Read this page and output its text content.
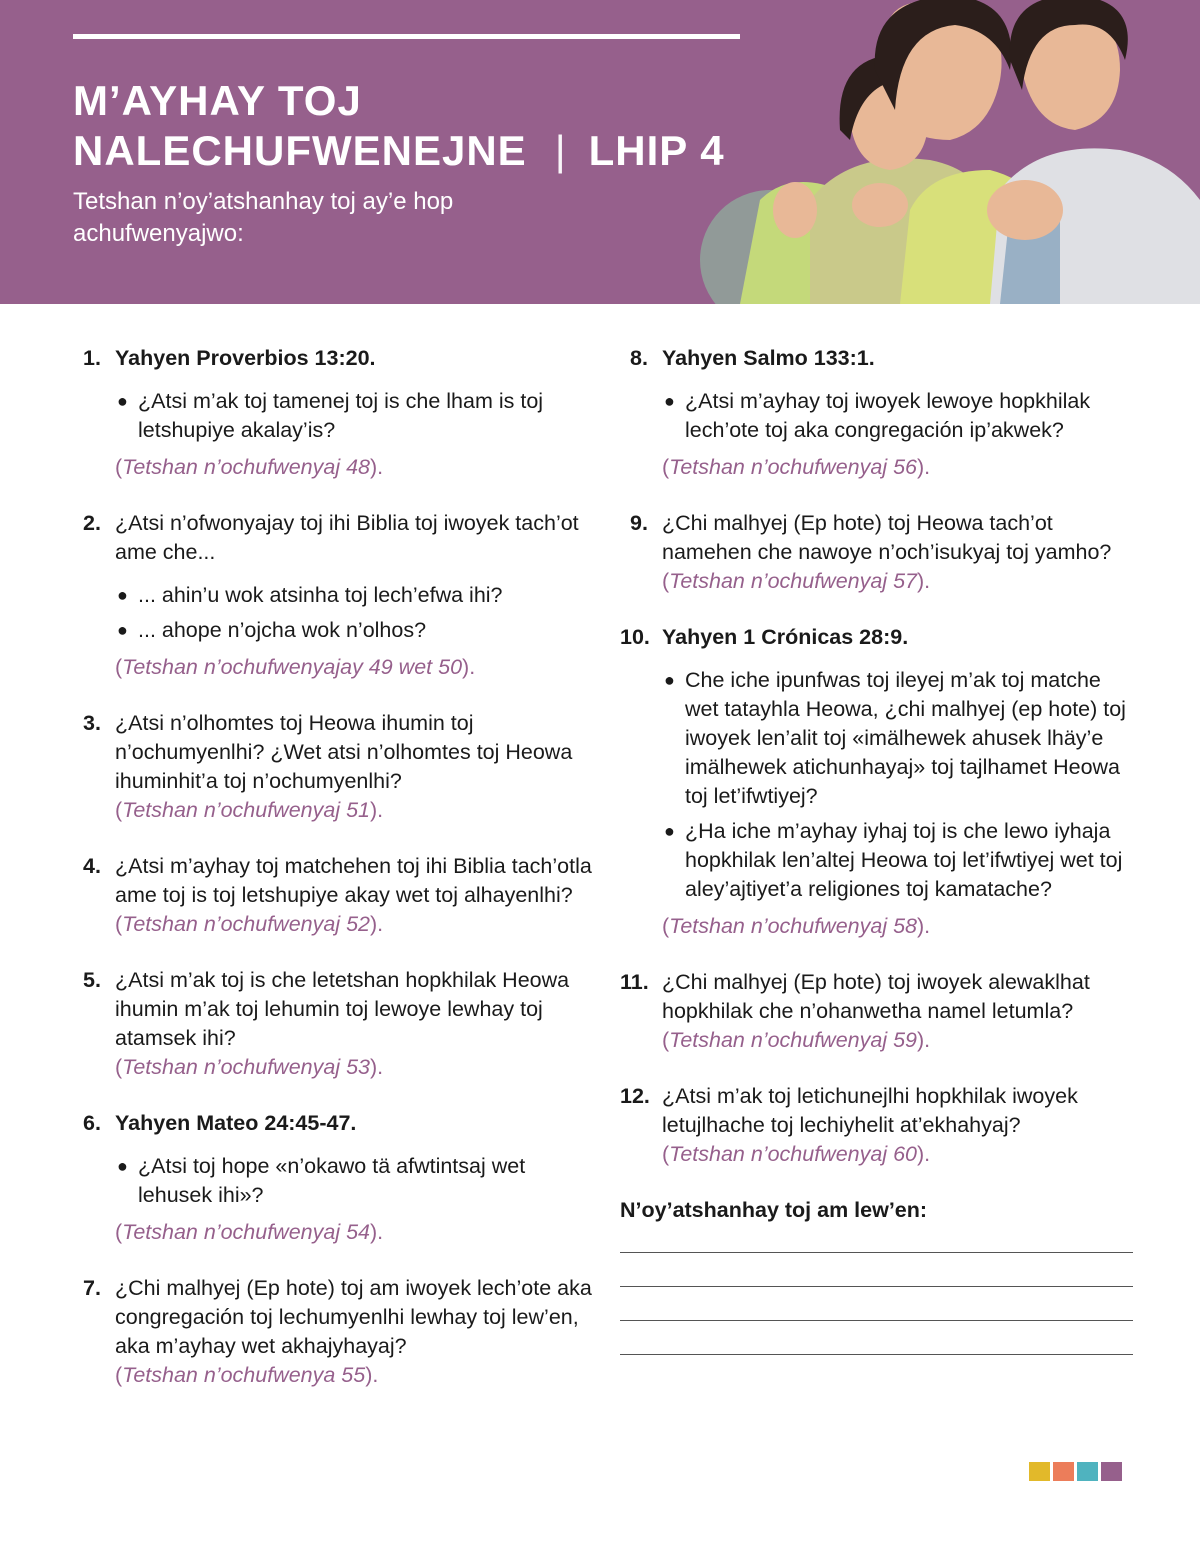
M’AYHAY TOJ
NALECHUFWENEJNE | LHIP 4
Tetshan n’oy’atshanhay toj ay’e hop achufwenyajwo:
1. Yahyen Proverbios 13:20.
● ¿Atsi m’ak toj tamenej toj is che lham is toj letshupiye akalay’is?
(Tetshan n’ochufwenyaj 48).
2. ¿Atsi n’ofwonyajay toj ihi Biblia toj iwoyek tach’ot ame che...
● ... ahin’u wok atsinha toj lech’efwa ihi?
● ... ahope n’ojcha wok n’olhos?
(Tetshan n’ochufwenyajay 49 wet 50).
3. ¿Atsi n’olhomtes toj Heowa ihumin toj n’ochumyenlhi? ¿Wet atsi n’olhomtes toj Heowa ihuminhit’a toj n’ochumyenlhi?
(Tetshan n’ochufwenyaj 51).
4. ¿Atsi m’ayhay toj matchehen toj ihi Biblia tach’otla ame toj is toj letshupiye akay wet toj alhayenlhi?
(Tetshan n’ochufwenyaj 52).
5. ¿Atsi m’ak toj is che letetshan hopkhilak Heowa ihumin m’ak toj lehumin toj lewoye lewhay toj atamsek ihi?
(Tetshan n’ochufwenyaj 53).
6. Yahyen Mateo 24:45-47.
● ¿Atsi toj hope «n’okawo tä afwtintsaj wet lehusek ihi»?
(Tetshan n’ochufwenyaj 54).
7. ¿Chi malhyej (Ep hote) toj am iwoyek lech’ote aka congregación toj lechumyenlhi lewhay toj lew’en, aka m’ayhay wet akhajyhayaj?
(Tetshan n’ochufwenya 55).
8. Yahyen Salmo 133:1.
● ¿Atsi m’ayhay toj iwoyek lewoye hopkhilak lech’ote toj aka congregación ip’akwek?
(Tetshan n’ochufwenyaj 56).
9. ¿Chi malhyej (Ep hote) toj Heowa tach’ot namehen che nawoye n’och’isukyaj toj yamho?
(Tetshan n’ochufwenyaj 57).
10. Yahyen 1 Crónicas 28:9.
● Che iche ipunfwas toj ileyej m’ak toj matche wet tatayhla Heowa, ¿chi malhyej (ep hote) toj iwoyek len’alit toj «imälhewek ahusek lhäy’e imälhewek atichunhayaj» toj tajlhamet Heowa toj let’ifwtiyej?
● ¿Ha iche m’ayhay iyhaj toj is che lewo iyhaja hopkhilak len’altej Heowa toj let’ifwtiyej wet toj aley’ajtiyet’a religiones toj kamatache?
(Tetshan n’ochufwenyaj 58).
11. ¿Chi malhyej (Ep hote) toj iwoyek alewaklhat hopkhilak che n’ohanwetha namel letumla?
(Tetshan n’ochufwenyaj 59).
12. ¿Atsi m’ak toj letichunejlhi hopkhilak iwoyek letujlhache toj lechiyhelit at’ekhahyaj?
(Tetshan n’ochufwenyaj 60).
N’oy’atshanhay toj am lew’en:
